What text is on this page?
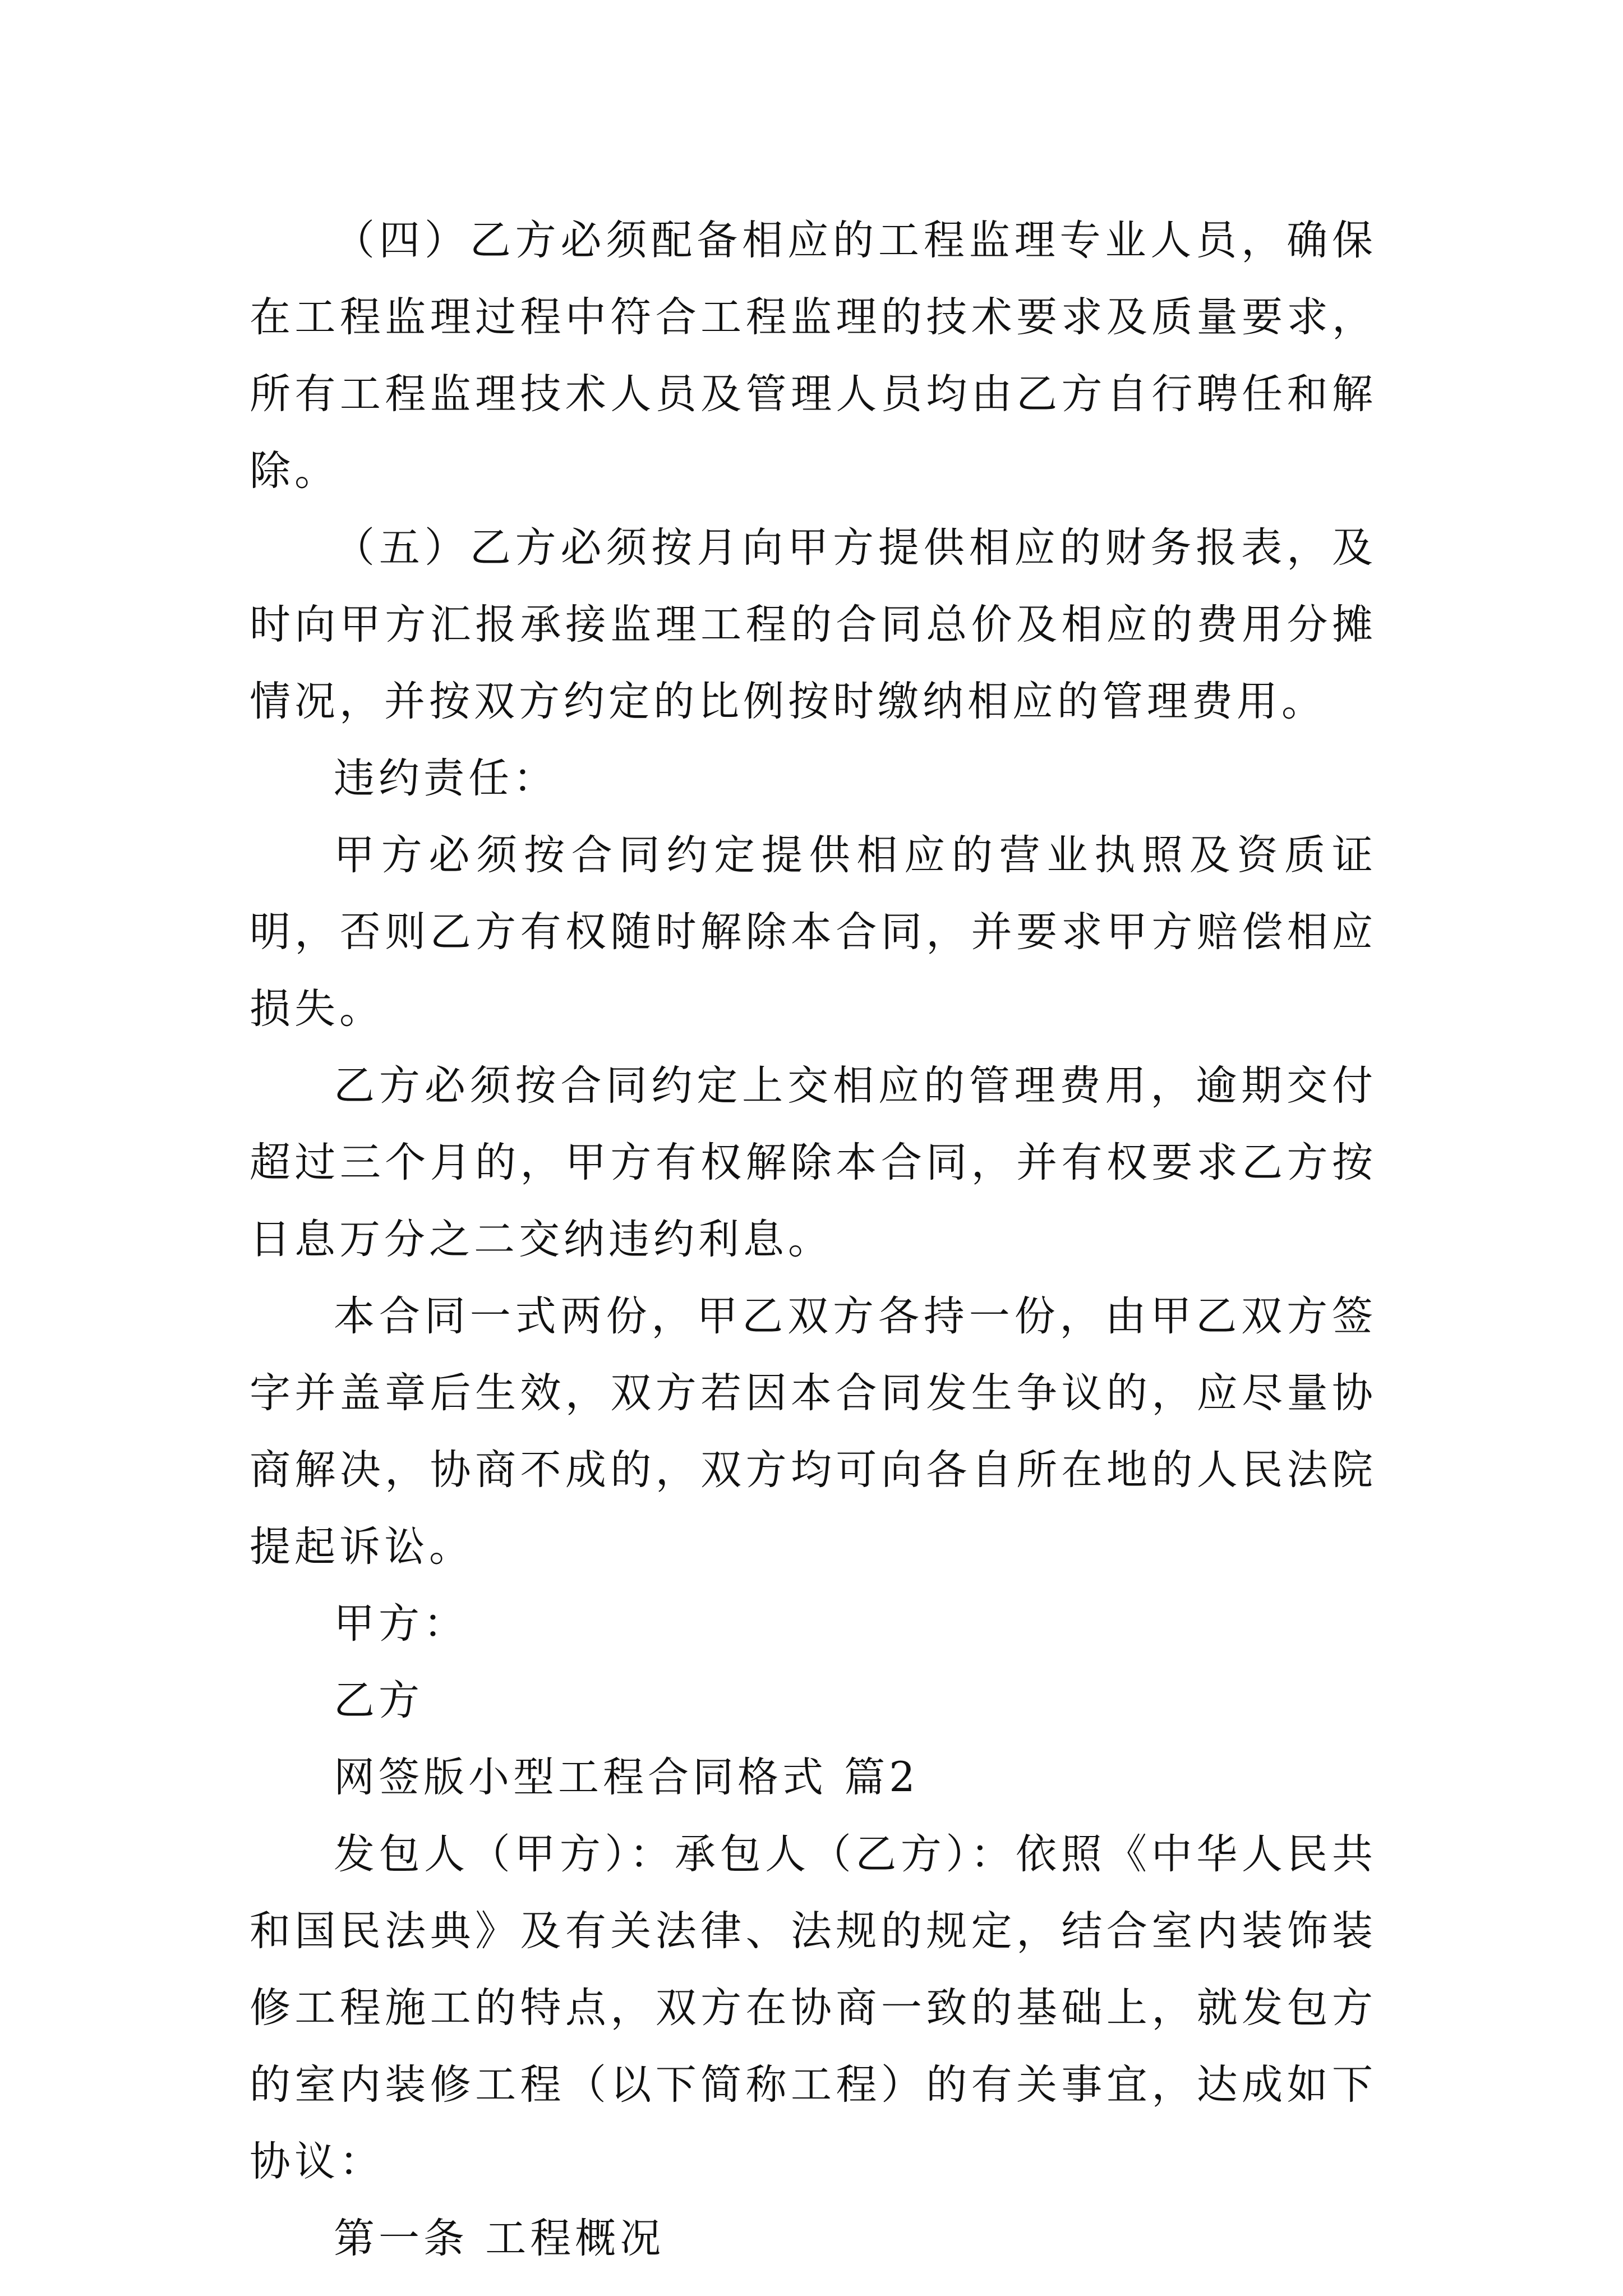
（四）乙方必须配备相应的工程监理专业人员，确保在工程监理过程中符合工程监理的技术要求及质量要求，所有工程监理技术人员及管理人员均由乙方自行聘任和解除。

（五）乙方必须按月向甲方提供相应的财务报表，及时向甲方汇报承接监理工程的合同总价及相应的费用分摊情况，并按双方约定的比例按时缴纳相应的管理费用。

违约责任：

甲方必须按合同约定提供相应的营业执照及资质证明，否则乙方有权随时解除本合同，并要求甲方赔偿相应损失。

乙方必须按合同约定上交相应的管理费用，逾期交付超过三个月的，甲方有权解除本合同，并有权要求乙方按日息万分之二交纳违约利息。

本合同一式两份，甲乙双方各持一份，由甲乙双方签字并盖章后生效，双方若因本合同发生争议的，应尽量协商解决，协商不成的，双方均可向各自所在地的人民法院提起诉讼。

甲方：

乙方

网签版小型工程合同格式 篇2

发包人（甲方）：承包人（乙方）：依照《中华人民共和国民法典》及有关法律、法规的规定，结合室内装饰装修工程施工的特点，双方在协商一致的基础上，就发包方的室内装修工程（以下简称工程）的有关事宜，达成如下协议：

第一条 工程概况
